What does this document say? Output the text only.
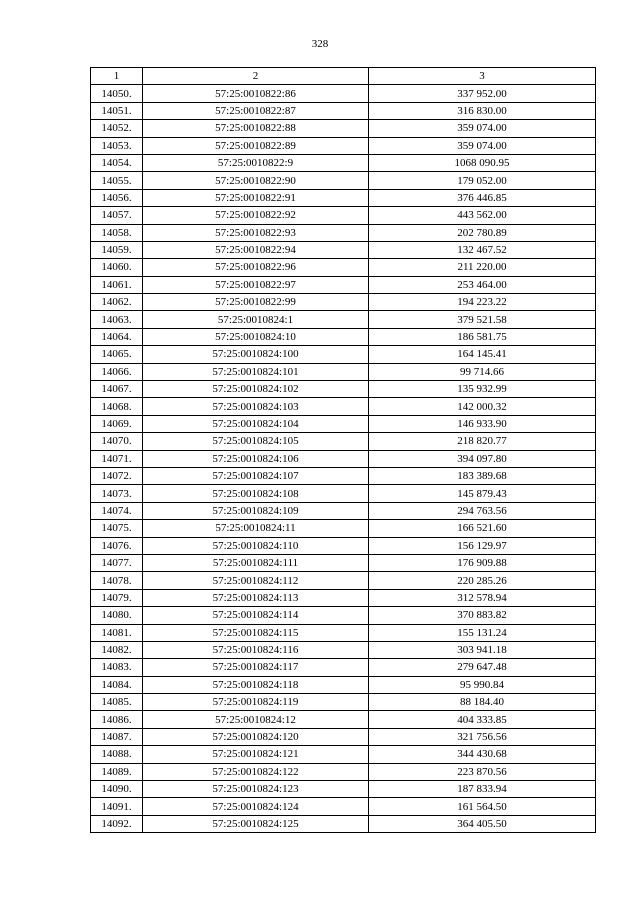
328
1	2	3
14050.	57:25:0010822:86	337 952.00
14051.	57:25:0010822:87	316 830.00
14052.	57:25:0010822:88	359 074.00
14053.	57:25:0010822:89	359 074.00
14054.	57:25:0010822:9	1068 090.95
14055.	57:25:0010822:90	179 052.00
14056.	57:25:0010822:91	376 446.85
14057.	57:25:0010822:92	443 562.00
14058.	57:25:0010822:93	202 780.89
14059.	57:25:0010822:94	132 467.52
14060.	57:25:0010822:96	211 220.00
14061.	57:25:0010822:97	253 464.00
14062.	57:25:0010822:99	194 223.22
14063.	57:25:0010824:1	379 521.58
14064.	57:25:0010824:10	186 581.75
14065.	57:25:0010824:100	164 145.41
14066.	57:25:0010824:101	99 714.66
14067.	57:25:0010824:102	135 932.99
14068.	57:25:0010824:103	142 000.32
14069.	57:25:0010824:104	146 933.90
14070.	57:25:0010824:105	218 820.77
14071.	57:25:0010824:106	394 097.80
14072.	57:25:0010824:107	183 389.68
14073.	57:25:0010824:108	145 879.43
14074.	57:25:0010824:109	294 763.56
14075.	57:25:0010824:11	166 521.60
14076.	57:25:0010824:110	156 129.97
14077.	57:25:0010824:111	176 909.88
14078.	57:25:0010824:112	220 285.26
14079.	57:25:0010824:113	312 578.94
14080.	57:25:0010824:114	370 883.82
14081.	57:25:0010824:115	155 131.24
14082.	57:25:0010824:116	303 941.18
14083.	57:25:0010824:117	279 647.48
14084.	57:25:0010824:118	95 990.84
14085.	57:25:0010824:119	88 184.40
14086.	57:25:0010824:12	404 333.85
14087.	57:25:0010824:120	321 756.56
14088.	57:25:0010824:121	344 430.68
14089.	57:25:0010824:122	223 870.56
14090.	57:25:0010824:123	187 833.94
14091.	57:25:0010824:124	161 564.50
14092.	57:25:0010824:125	364 405.50
